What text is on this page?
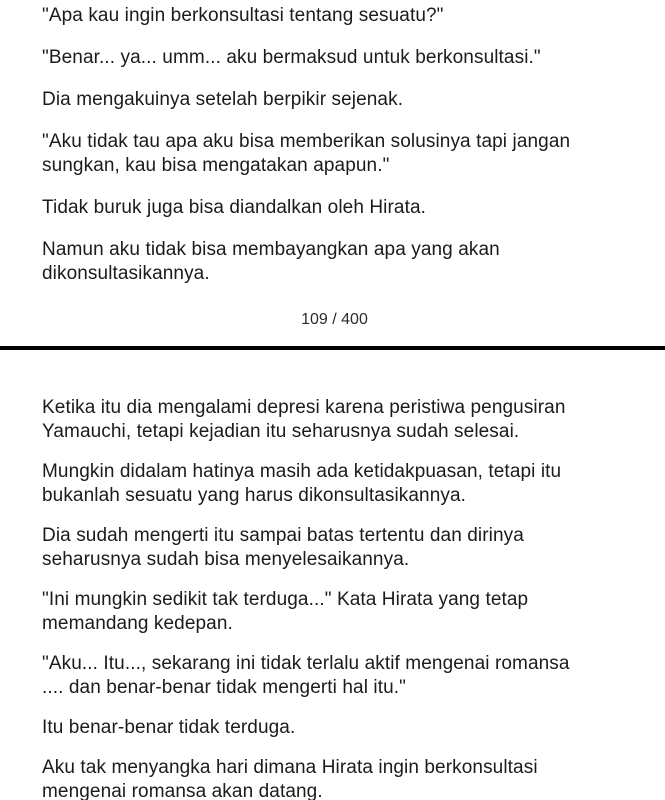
"Apa kau ingin berkonsultasi tentang sesuatu?"

"Benar... ya... umm... aku bermaksud untuk berkonsultasi."

Dia mengakuinya setelah berpikir sejenak.

"Aku tidak tau apa aku bisa memberikan solusinya tapi jangan
sungkan, kau bisa mengatakan apapun."

Tidak buruk juga bisa diandalkan oleh Hirata.

Namun aku tidak bisa membayangkan apa yang akan
dikonsultasikannya.

109 / 400

Ketika itu dia mengalami depresi karena peristiwa pengusiran
Yamauchi, tetapi kejadian itu seharusnya sudah selesai.

Mungkin didalam hatinya masih ada ketidakpuasan, tetapi itu
bukanlah sesuatu yang harus dikonsultasikannya.

Dia sudah mengerti itu sampai batas tertentu dan dirinya
seharusnya sudah bisa menyelesaikannya.

"Ini mungkin sedikit tak terduga..." Kata Hirata yang tetap
memandang kedepan.

"Aku... Itu..., sekarang ini tidak terlalu aktif mengenai romansa
.... dan benar-benar tidak mengerti hal itu."

Itu benar-benar tidak terduga.

Aku tak menyangka hari dimana Hirata ingin berkonsultasi
mengenai romansa akan datang.
